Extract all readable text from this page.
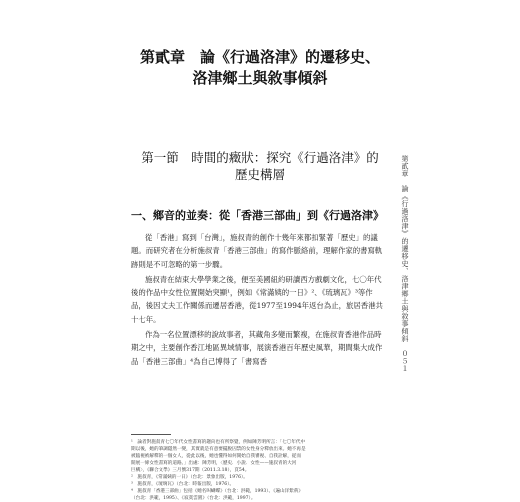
第貳章　論《行過洛津》的遷移史、
洛津鄉土與敘事傾斜
第一節　時間的癥狀：探究《行過洛津》的
歷史構層
一、鄉音的並奏：從「香港三部曲」到《行過洛津》

從「香港」寫到「台灣」，施叔青的創作十幾年來都扣緊著「歷史」的議題。而研究者在分析施叔青「香港三部曲」的寫作脈絡前，理解作家的書寫軌跡則是不可忽略的第一步驟。

施叔青在結束大學學業之後，便至美國紐約研讀西方戲劇文化，七〇年代後的作品中女性位置開始突顯¹，例如《常滿姨的一日》²、《琉璃瓦》³等作品，後因丈夫工作關係而遷居香港，從1977至1994年返台為止，旅居香港共十七年。

作為一名位置漂移的說故事者，其藏角多變而繁複，在施叔青香港作品時期之中，主要創作香江地區異域情事，展演香港百年歷史風華，期間集大成作品「香港三部曲」⁴為自己博得了「書寫香

¹　論者對施叔青七〇年代女性書寫的趨向也有所察覺，例如陳芳明所言：「七〇年代中
期以後，她的筆調隱然一變，其實就是有意要擺脫囚禁的女性身分釋放出來。她不再是
被臨視被解釋的一個女人，從此以後，她也懂得如何開始自我審視、自我詮解，從而
開展一條女性書寫的道路。」出處：陳芳明，〈歷史．小說．女性——施叔青的大河
巨構〉，《聯合文學》三月號317期（2011.3.18），頁54。
²　施叔青，《常滿姨的一日》（台北：景象出版，1976）。
³　施叔青，《琉璃瓦》（台北：時報出版，1976）。
⁴　施叔青「香港三部曲」包括《她名叫蝴蝶》（台北：洪範，1993）、《遍山洋紫荊》
（台北：洪範，1995）、《寂寞雲園》（台北：洪範，1997）。
第貳章　論《行過洛津》的遷移史、洛津鄉土與敘事傾斜　０５１
